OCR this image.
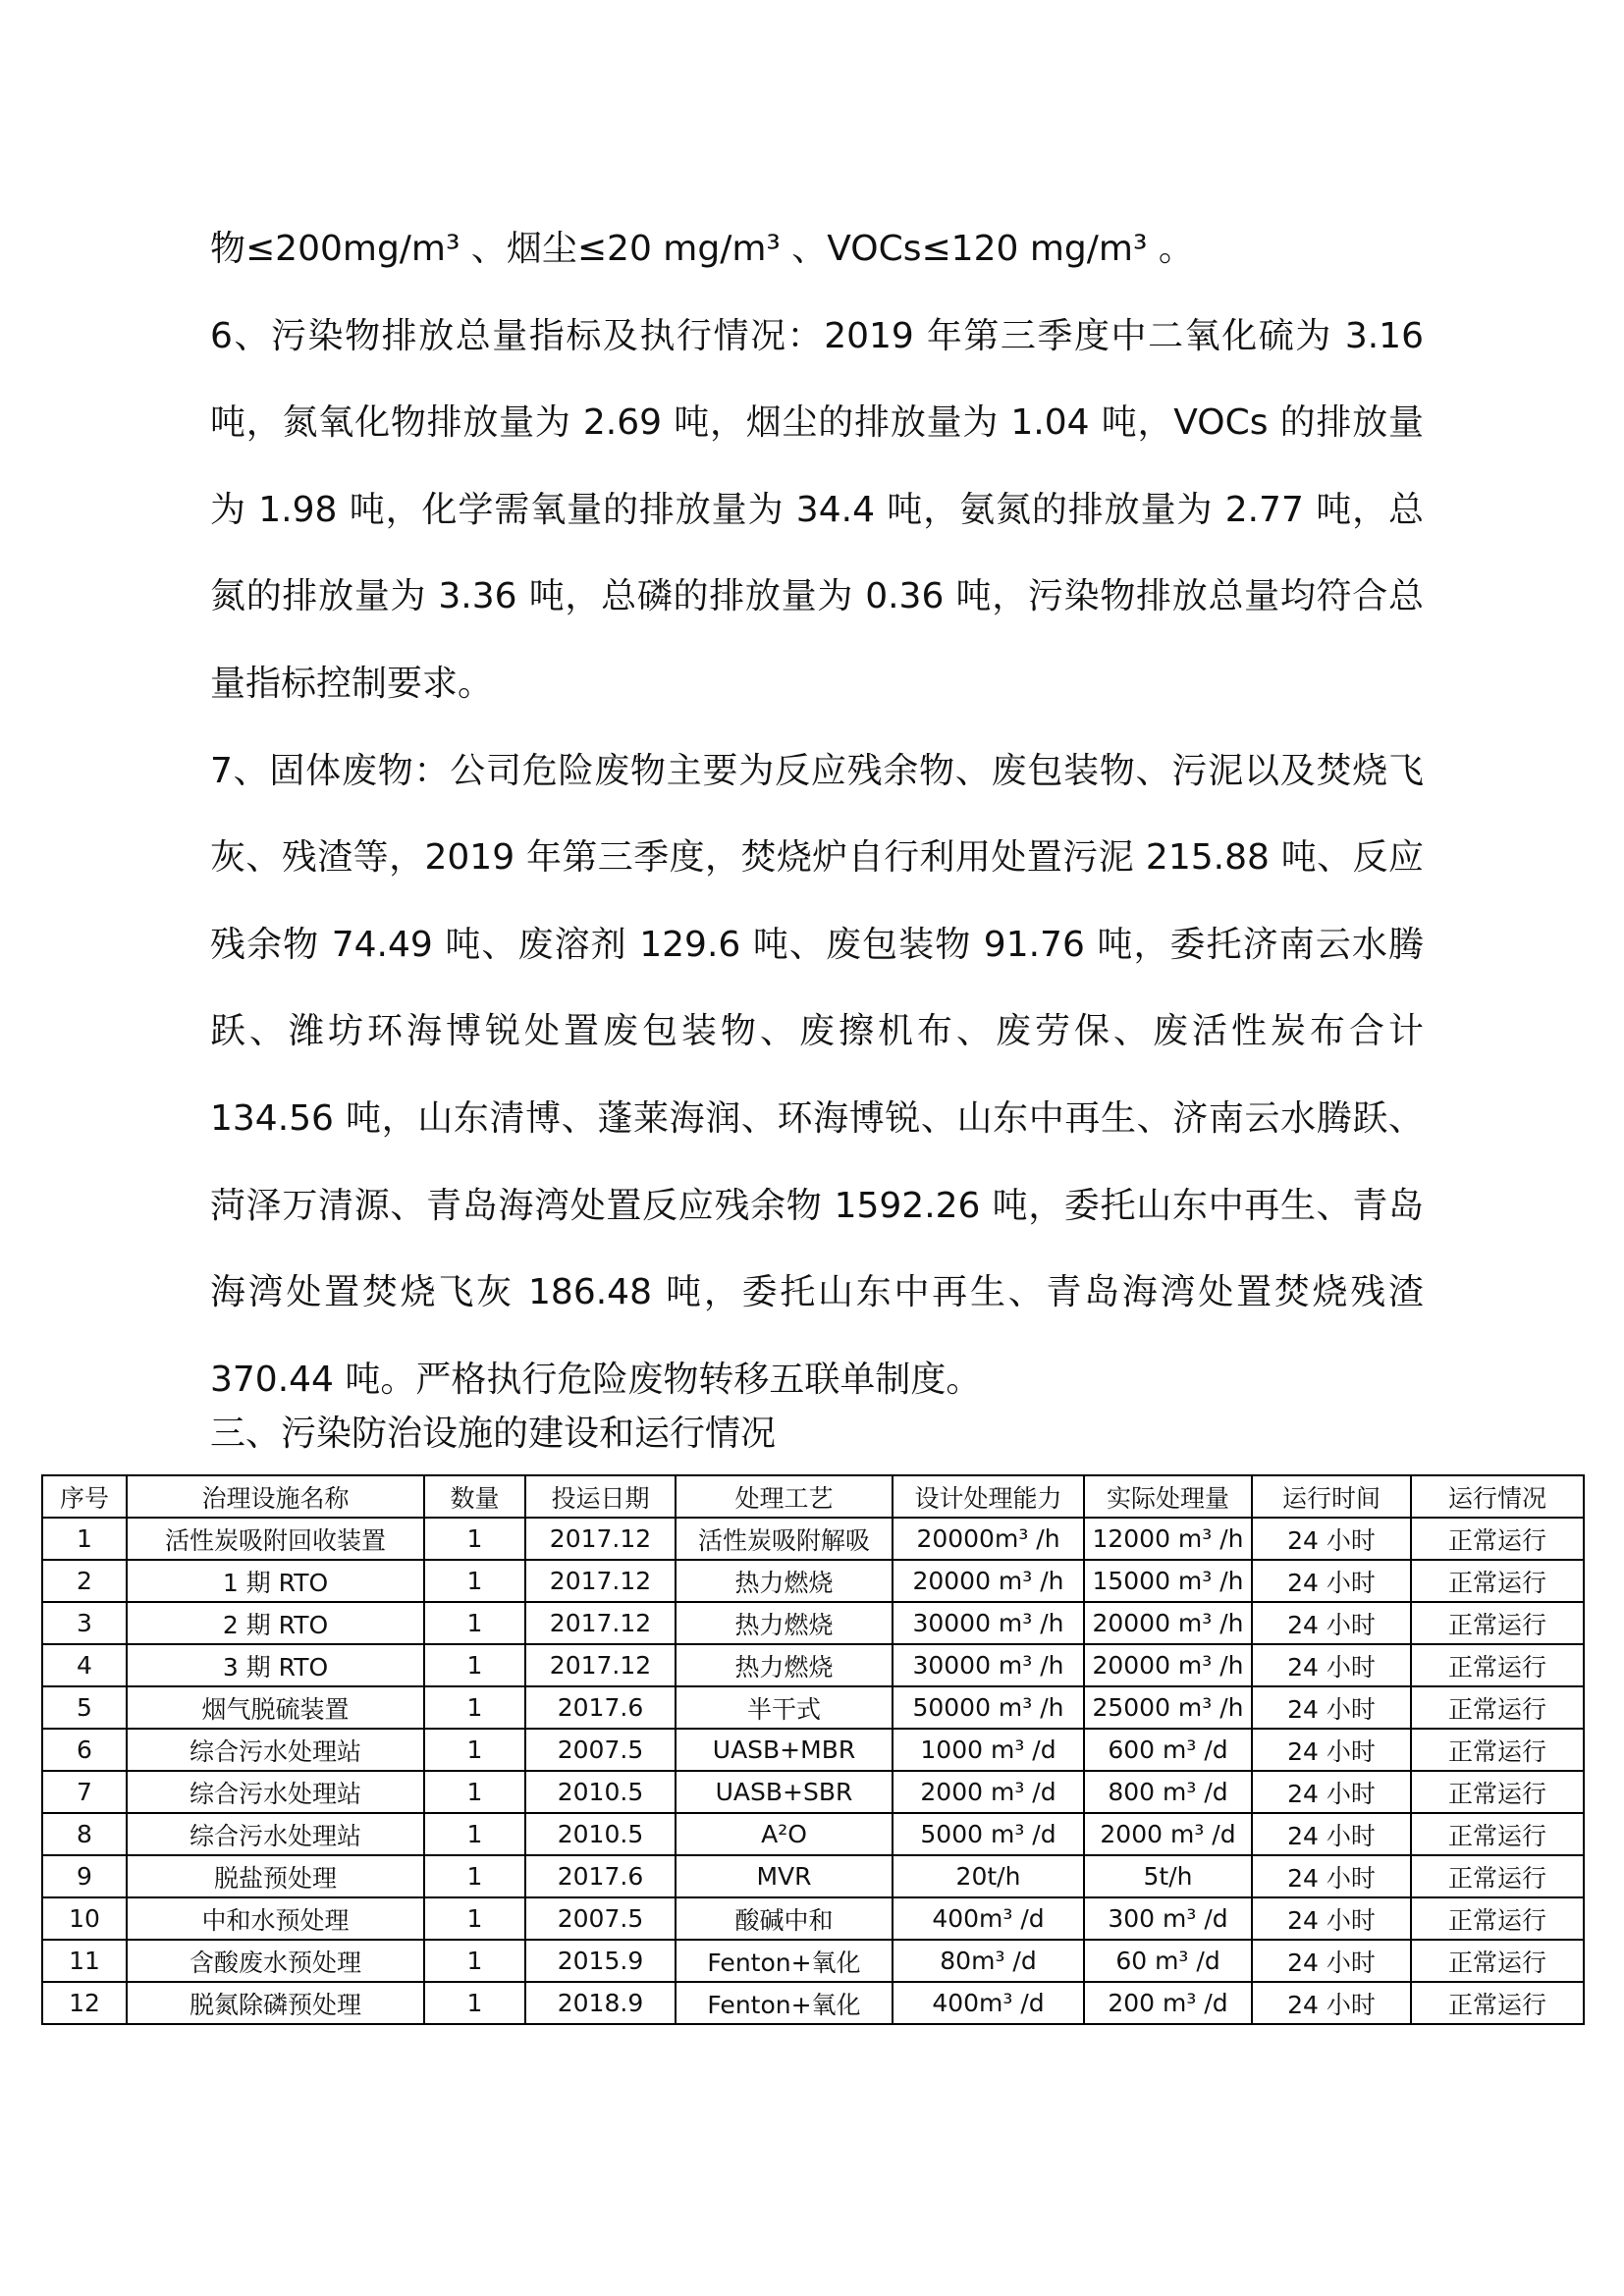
物≤200mg/m³ 、烟尘≤20 mg/m³ 、VOCs≤120 mg/m³ 。

6、污染物排放总量指标及执行情况：2019 年第三季度中二氧化硫为 3.16 吨，氮氧化物排放量为 2.69 吨，烟尘的排放量为 1.04 吨，VOCs 的排放量为 1.98 吨，化学需氧量的排放量为 34.4 吨，氨氮的排放量为 2.77 吨，总氮的排放量为 3.36 吨，总磷的排放量为 0.36 吨，污染物排放总量均符合总量指标控制要求。

7、固体废物：公司危险废物主要为反应残余物、废包装物、污泥以及焚烧飞灰、残渣等，2019 年第三季度，焚烧炉自行利用处置污泥 215.88 吨、反应残余物 74.49 吨、废溶剂 129.6 吨、废包装物 91.76 吨，委托济南云水腾跃、潍坊环海博锐处置废包装物、废擦机布、废劳保、废活性炭布合计 134.56 吨，山东清博、蓬莱海润、环海博锐、山东中再生、济南云水腾跃、菏泽万清源、青岛海湾处置反应残余物 1592.26 吨，委托山东中再生、青岛海湾处置焚烧飞灰 186.48 吨，委托山东中再生、青岛海湾处置焚烧残渣 370.44 吨。严格执行危险废物转移五联单制度。

三、污染防治设施的建设和运行情况
序号	治理设施名称	数量	投运日期	处理工艺	设计处理能力	实际处理量	运行时间	运行情况
1	活性炭吸附回收装置	1	2017.12	活性炭吸附解吸	20000m³ /h	12000 m³ /h	24 小时	正常运行
2	1 期 RTO	1	2017.12	热力燃烧	20000 m³ /h	15000 m³ /h	24 小时	正常运行
3	2 期 RTO	1	2017.12	热力燃烧	30000 m³ /h	20000 m³ /h	24 小时	正常运行
4	3 期 RTO	1	2017.12	热力燃烧	30000 m³ /h	20000 m³ /h	24 小时	正常运行
5	烟气脱硫装置	1	2017.6	半干式	50000 m³ /h	25000 m³ /h	24 小时	正常运行
6	综合污水处理站	1	2007.5	UASB+MBR	1000 m³ /d	600 m³ /d	24 小时	正常运行
7	综合污水处理站	1	2010.5	UASB+SBR	2000 m³ /d	800 m³ /d	24 小时	正常运行
8	综合污水处理站	1	2010.5	A²O	5000 m³ /d	2000 m³ /d	24 小时	正常运行
9	脱盐预处理	1	2017.6	MVR	20t/h	5t/h	24 小时	正常运行
10	中和水预处理	1	2007.5	酸碱中和	400m³ /d	300 m³ /d	24 小时	正常运行
11	含酸废水预处理	1	2015.9	Fenton+氧化	80m³ /d	60 m³ /d	24 小时	正常运行
12	脱氮除磷预处理	1	2018.9	Fenton+氧化	400m³ /d	200 m³ /d	24 小时	正常运行
